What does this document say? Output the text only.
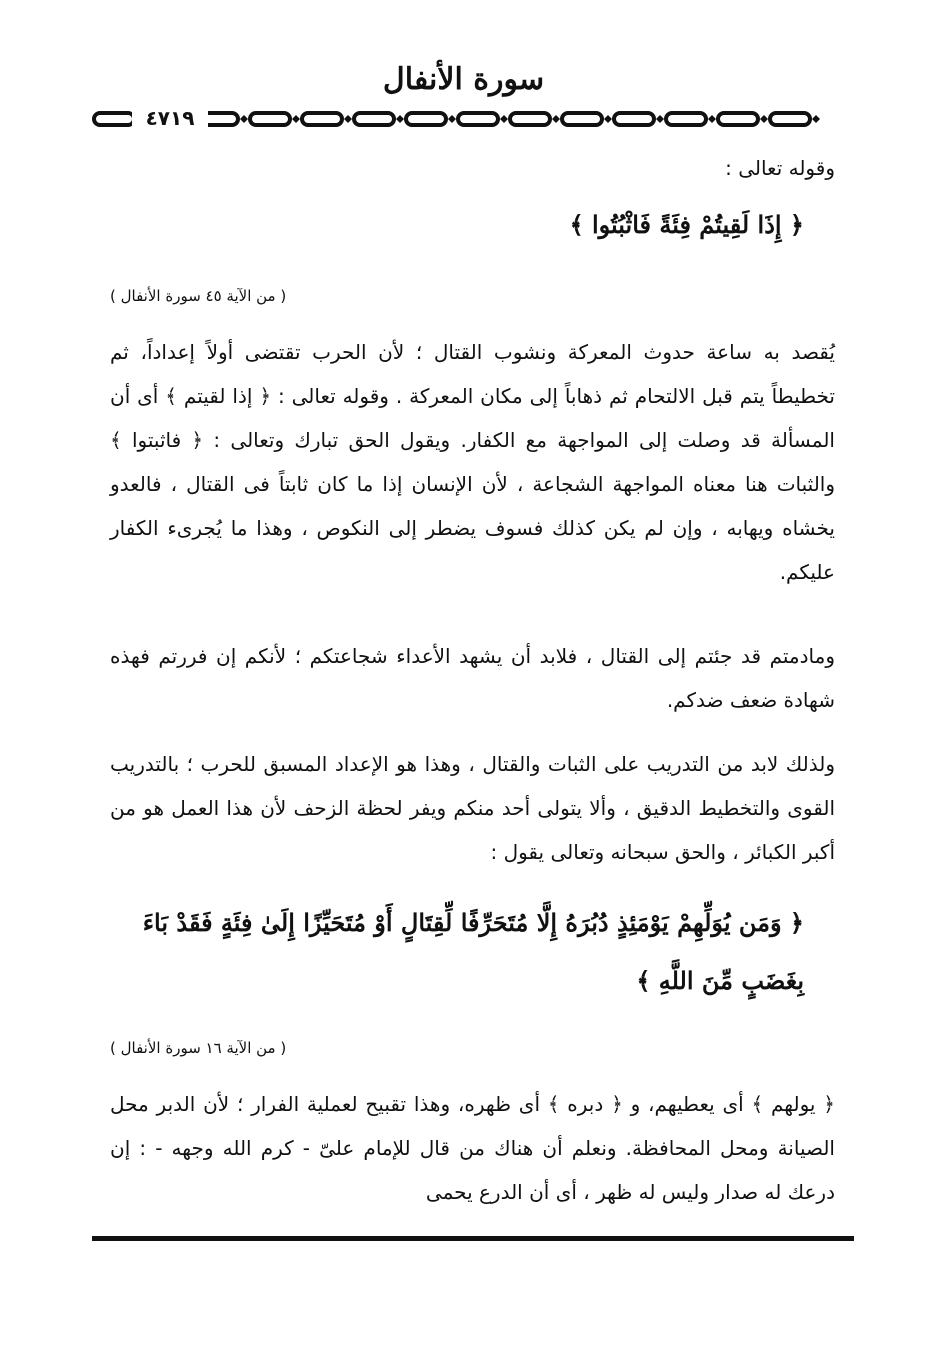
سورة الأنفال
٤٧١٩

وقوله تعالى :

﴿ إِذَا لَقِيتُمْ فِئَةً فَاثْبُتُوا ﴾

( من الآية ٤٥ سورة الأنفال )

يُقصد به ساعة حدوث المعركة ونشوب القتال ؛ لأن الحرب تقتضى أولاً إعداداً، ثم تخطيطاً يتم قبل الالتحام ثم ذهاباً إلى مكان المعركة . وقوله تعالى : ﴿ إذا لقيتم ﴾ أى أن المسألة قد وصلت إلى المواجهة مع الكفار. ويقول الحق تبارك وتعالى : ﴿ فاثبتوا ﴾ والثبات هنا معناه المواجهة الشجاعة ، لأن الإنسان إذا ما كان ثابتاً فى القتال ، فالعدو يخشاه ويهابه ، وإن لم يكن كذلك فسوف يضطر إلى النكوص ، وهذا ما يُجرىء الكفار عليكم.

ومادمتم قد جئتم إلى القتال ، فلابد أن يشهد الأعداء شجاعتكم ؛ لأنكم إن فررتم فهذه شهادة ضعف ضدكم.

ولذلك لابد من التدريب على الثبات والقتال ، وهذا هو الإعداد المسبق للحرب ؛ بالتدريب القوى والتخطيط الدقيق ، وألا يتولى أحد منكم ويفر لحظة الزحف لأن هذا العمل هو من أكبر الكبائر ، والحق سبحانه وتعالى يقول :

﴿ وَمَن يُوَلِّهِمْ يَوْمَئِذٍ دُبُرَهُ إِلَّا مُتَحَرِّفًا لِّقِتَالٍ أَوْ مُتَحَيِّزًا إِلَىٰ فِئَةٍ فَقَدْ بَاءَ بِغَضَبٍ مِّنَ اللَّهِ ﴾

( من الآية ١٦ سورة الأنفال )

﴿ يولهم ﴾ أى يعطيهم، و ﴿ دبره ﴾ أى ظهره، وهذا تقبيح لعملية الفرار ؛ لأن الدبر محل الصيانة ومحل المحافظة. ونعلم أن هناك من قال للإمام علىّ - كرم الله وجهه - : إن درعك له صدار وليس له ظهر ، أى أن الدرع يحمى
